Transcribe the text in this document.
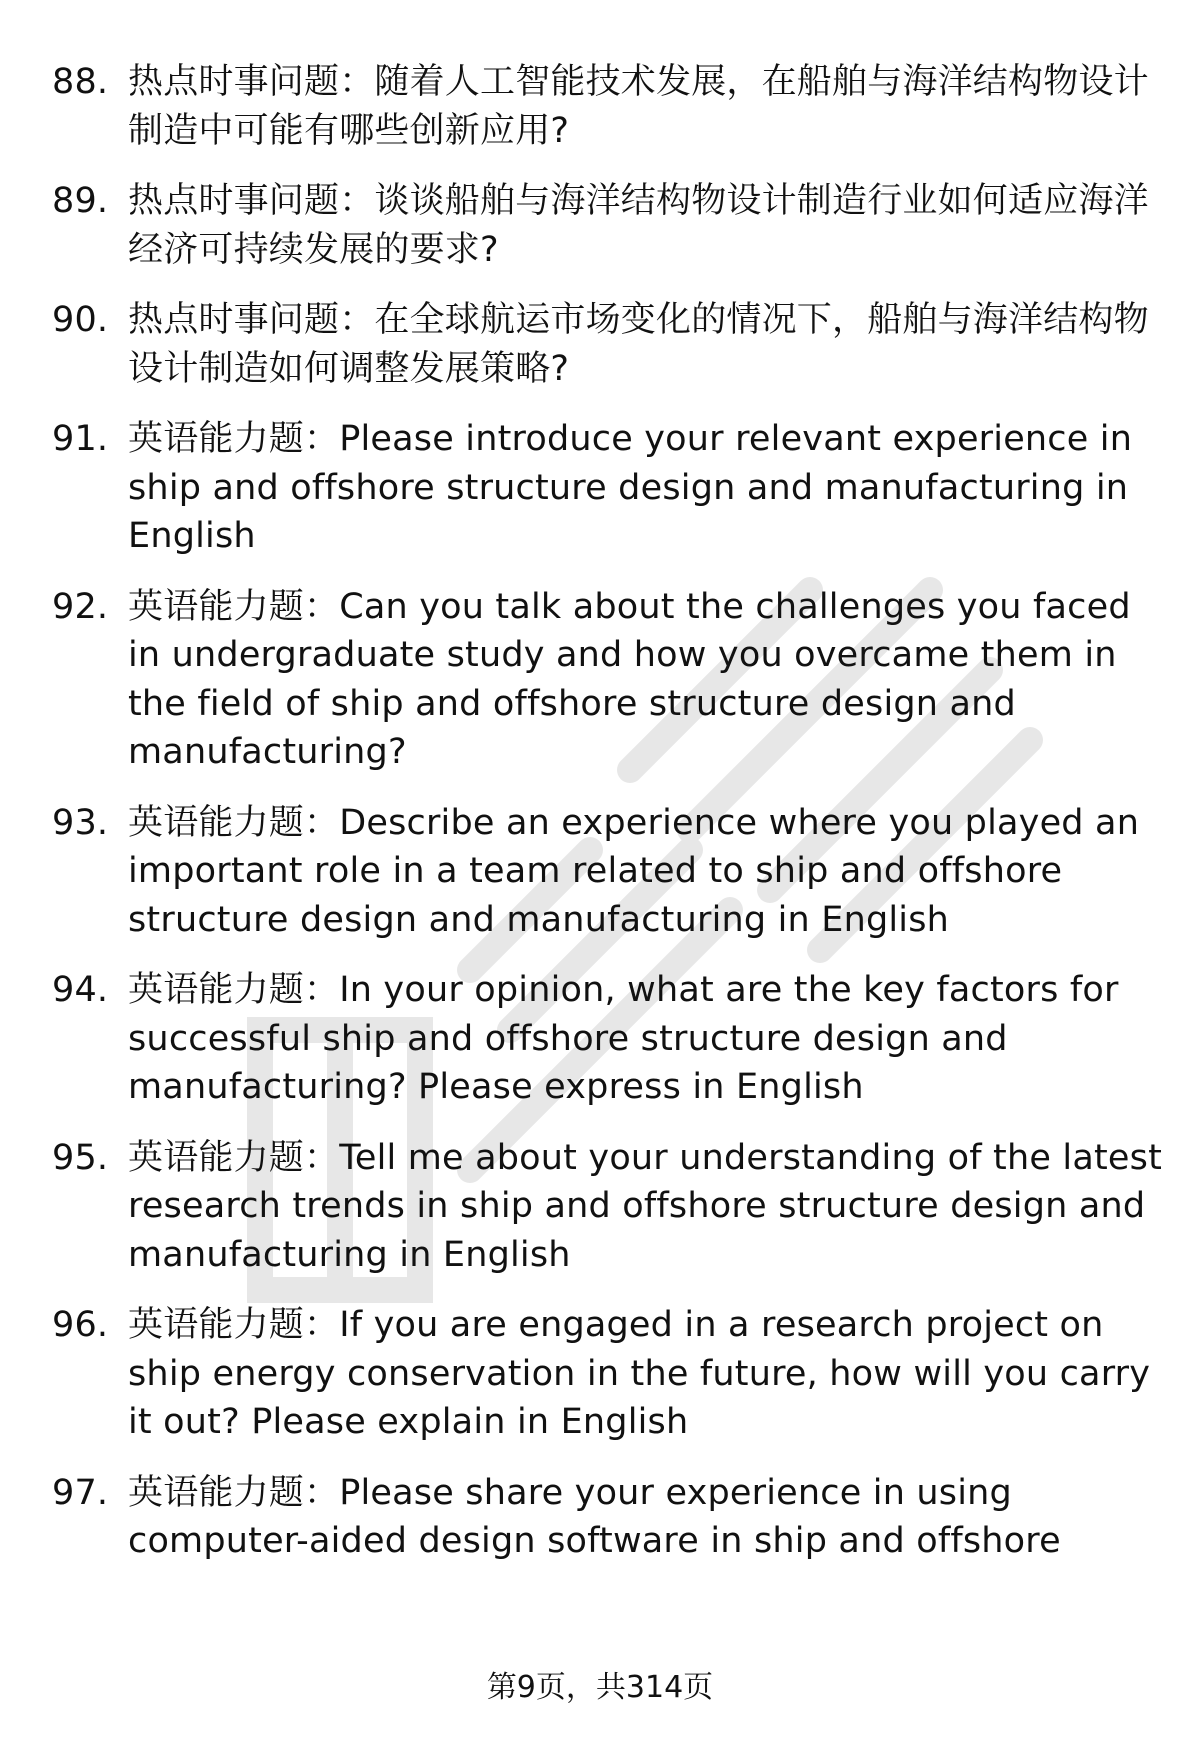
88. 热点时事问题：随着人工智能技术发展，在船舶与海洋结构物设计制造中可能有哪些创新应用?
89. 热点时事问题：谈谈船舶与海洋结构物设计制造行业如何适应海洋经济可持续发展的要求?
90. 热点时事问题：在全球航运市场变化的情况下，船舶与海洋结构物设计制造如何调整发展策略?
91. 英语能力题：Please introduce your relevant experience in ship and offshore structure design and manufacturing in English
92. 英语能力题：Can you talk about the challenges you faced in undergraduate study and how you overcame them in the field of ship and offshore structure design and manufacturing?
93. 英语能力题：Describe an experience where you played an important role in a team related to ship and offshore structure design and manufacturing in English
94. 英语能力题：In your opinion, what are the key factors for successful ship and offshore structure design and manufacturing? Please express in English
95. 英语能力题：Tell me about your understanding of the latest research trends in ship and offshore structure design and manufacturing in English
96. 英语能力题：If you are engaged in a research project on ship energy conservation in the future, how will you carry it out? Please explain in English
97. 英语能力题：Please share your experience in using computer-aided design software in ship and offshore
第9页，共314页
